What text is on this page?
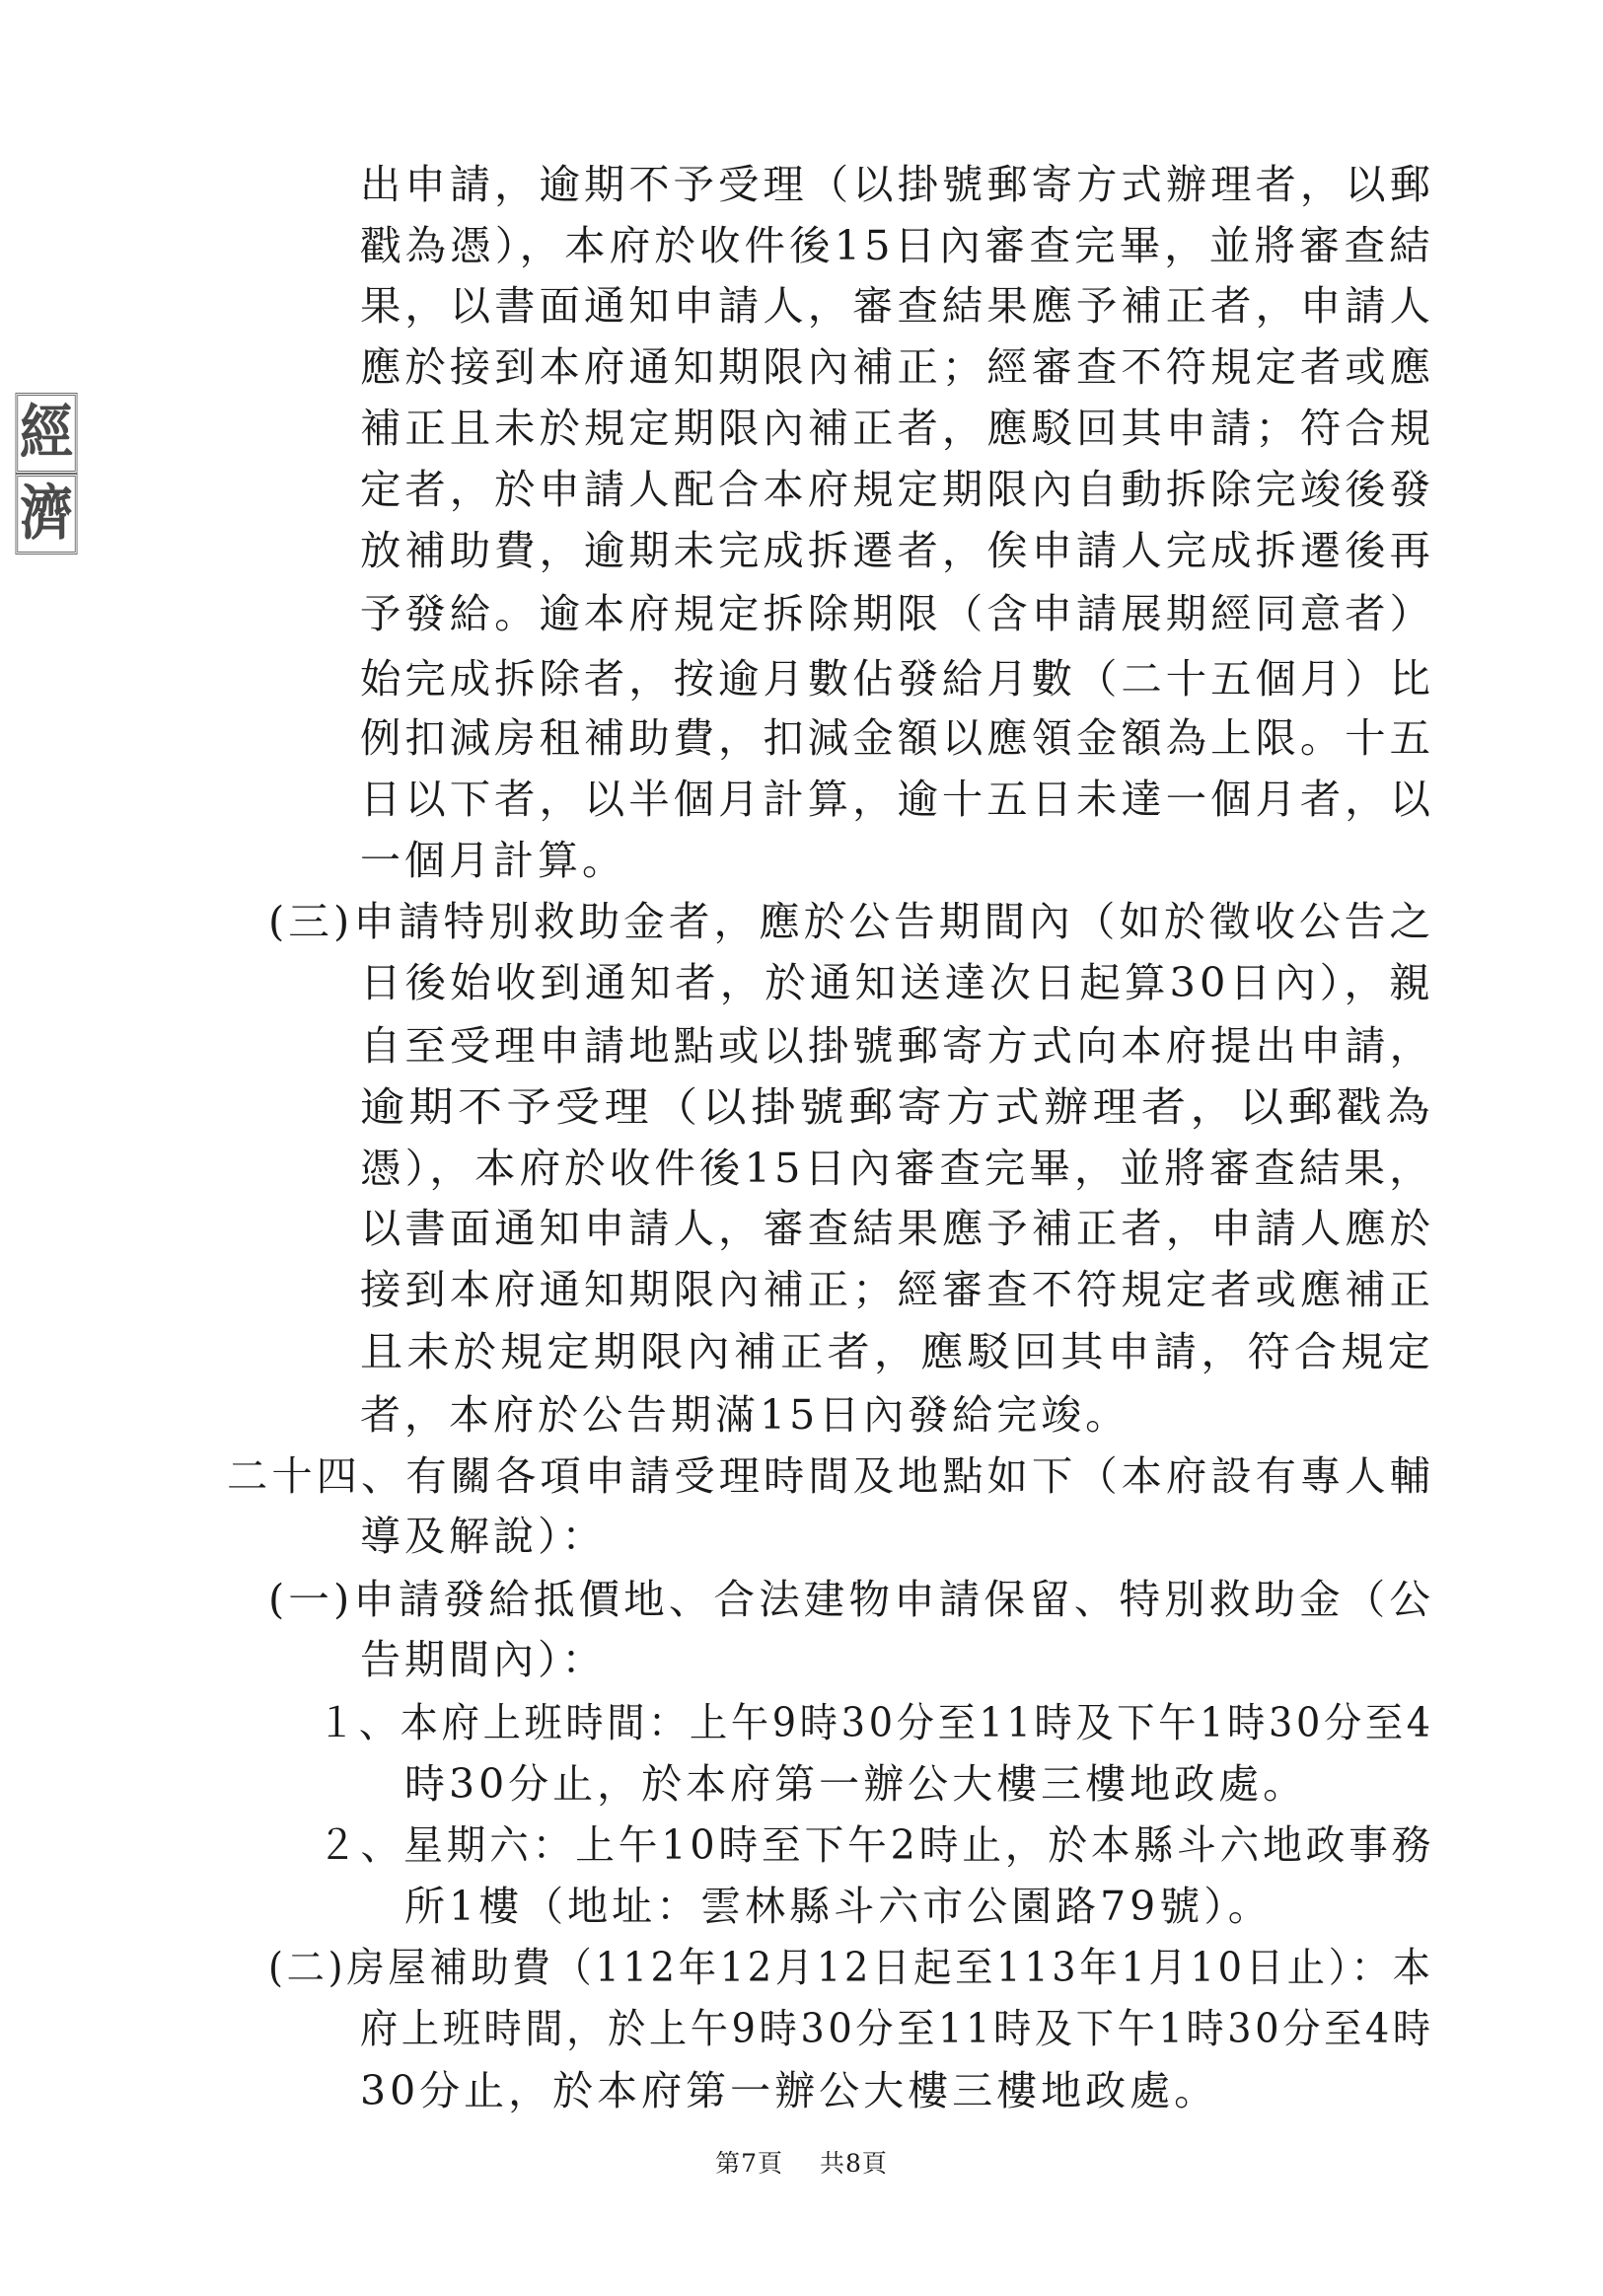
經
濟
出申請，逾期不予受理（以掛號郵寄方式辦理者，以郵
戳為憑），本府於收件後15日內審查完畢，並將審查結
果，以書面通知申請人，審查結果應予補正者，申請人
應於接到本府通知期限內補正；經審查不符規定者或應
補正且未於規定期限內補正者，應駁回其申請；符合規
定者，於申請人配合本府規定期限內自動拆除完竣後發
放補助費，逾期未完成拆遷者，俟申請人完成拆遷後再
予發給。逾本府規定拆除期限（含申請展期經同意者）
始完成拆除者，按逾月數佔發給月數（二十五個月）比
例扣減房租補助費，扣減金額以應領金額為上限。十五
日以下者，以半個月計算，逾十五日未達一個月者，以
一個月計算。
(三)申請特別救助金者，應於公告期間內（如於徵收公告之
日後始收到通知者，於通知送達次日起算30日內），親
自至受理申請地點或以掛號郵寄方式向本府提出申請，
逾期不予受理（以掛號郵寄方式辦理者，以郵戳為
憑），本府於收件後15日內審查完畢，並將審查結果，
以書面通知申請人，審查結果應予補正者，申請人應於
接到本府通知期限內補正；經審查不符規定者或應補正
且未於規定期限內補正者，應駁回其申請，符合規定
者，本府於公告期滿15日內發給完竣。
二十四、有關各項申請受理時間及地點如下（本府設有專人輔
導及解說）：
(一)申請發給抵價地、合法建物申請保留、特別救助金（公
告期間內）：
１、本府上班時間：上午9時30分至11時及下午1時30分至4
時30分止，於本府第一辦公大樓三樓地政處。
２、星期六：上午10時至下午2時止，於本縣斗六地政事務
所1樓（地址：雲林縣斗六市公園路79號）。
(二)房屋補助費（112年12月12日起至113年1月10日止）：本
府上班時間，於上午9時30分至11時及下午1時30分至4時
30分止，於本府第一辦公大樓三樓地政處。
第7頁 共8頁
